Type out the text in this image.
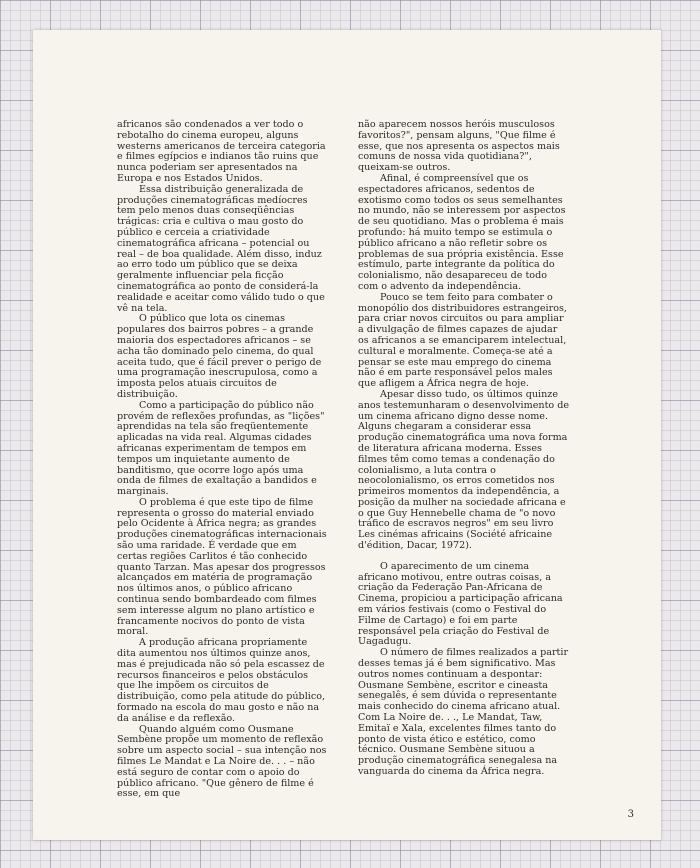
africanos são condenados a ver todo o rebotalho do cinema europeu, alguns westerns americanos de terceira categoria e filmes egípcios e indianos tão ruins que nunca poderiam ser apresentados na Europa e nos Estados Unidos.

Essa distribuição generalizada de produções cinematográficas medíocres tem pelo menos duas conseqüências trágicas: cria e cultiva o mau gosto do público e cerceia a criatividade cinematográfica africana – potencial ou real – de boa qualidade. Além disso, induz ao erro todo um público que se deixa geralmente influenciar pela ficção cinematográfica ao ponto de considerá-la realidade e aceitar como válido tudo o que vê na tela.

O público que lota os cinemas populares dos bairros pobres – a grande maioria dos espectadores africanos – se acha tão dominado pelo cinema, do qual aceita tudo, que é fácil prever o perigo de uma programação inescrupulosa, como a imposta pelos atuais circuitos de distribuição.

Como a participação do público não provém de reflexões profundas, as "lições" aprendidas na tela são freqüentemente aplicadas na vida real. Algumas cidades africanas experimentam de tempos em tempos um inquietante aumento de banditismo, que ocorre logo após uma onda de filmes de exaltação a bandidos e marginais.

O problema é que este tipo de filme representa o grosso do material enviado pelo Ocidente à África negra; as grandes produções cinematográficas internacionais são uma raridade. É verdade que em certas regiões Carlitos é tão conhecido quanto Tarzan. Mas apesar dos progressos alcançados em matéria de programação nos últimos anos, o público africano continua sendo bombardeado com filmes sem interesse algum no plano artístico e francamente nocivos do ponto de vista moral.

A produção africana propriamente dita aumentou nos últimos quinze anos, mas é prejudicada não só pela escassez de recursos financeiros e pelos obstáculos que lhe impõem os circuitos de distribuição, como pela atitude do público, formado na escola do mau gosto e não na da análise e da reflexão.

Quando alguém como Ousmane Sembène propõe um momento de reflexão sobre um aspecto social – sua intenção nos filmes Le Mandat e La Noire de. . . – não está seguro de contar com o apoio do público africano. "Que gênero de filme é esse, em que

não aparecem nossos heróis musculosos favoritos?", pensam alguns, "Que filme é esse, que nos apresenta os aspectos mais comuns de nossa vida quotidiana?", queixam-se outros.

Afinal, é compreensível que os espectadores africanos, sedentos de exotismo como todos os seus semelhantes no mundo, não se interessem por aspectos de seu quotidiano. Mas o problema é mais profundo: há muito tempo se estimula o público africano a não refletir sobre os problemas de sua própria existência. Esse estímulo, parte integrante da política do colonialismo, não desapareceu de todo com o advento da independência.

Pouco se tem feito para combater o monopólio dos distribuidores estrangeiros, para criar novos circuitos ou para ampliar a divulgação de filmes capazes de ajudar os africanos a se emanciparem intelectual, cultural e moralmente. Começa-se até a pensar se este mau emprego do cinema não é em parte responsável pelos males que afligem a África negra de hoje.

Apesar disso tudo, os últimos quinze anos testemunharam o desenvolvimento de um cinema africano digno desse nome. Alguns chegaram a considerar essa produção cinematográfica uma nova forma de literatura africana moderna. Esses filmes têm como temas a condenação do colonialismo, a luta contra o neocolonialismo, os erros cometidos nos primeiros momentos da independência, a posição da mulher na sociedade africana e o que Guy Hennebelle chama de "o novo tráfico de escravos negros" em seu livro Les cinémas africains (Société africaine d'édition, Dacar, 1972).

O aparecimento de um cinema africano motivou, entre outras coisas, a criação da Federação Pan-Africana de Cinema, propiciou a participação africana em vários festivais (como o Festival do Filme de Cartago) e foi em parte responsável pela criação do Festival de Uagadugu.

O número de filmes realizados a partir desses temas já é bem significativo. Mas outros nomes continuam a despontar: Ousmane Sembène, escritor e cineasta senegalês, é sem dúvida o representante mais conhecido do cinema africano atual. Com La Noire de. . ., Le Mandat, Taw, Emitaï e Xala, excelentes filmes tanto do ponto de vista ético e estético, como técnico. Ousmane Sembène situou a produção cinematográfica senegalesa na vanguarda do cinema da África negra.

3
